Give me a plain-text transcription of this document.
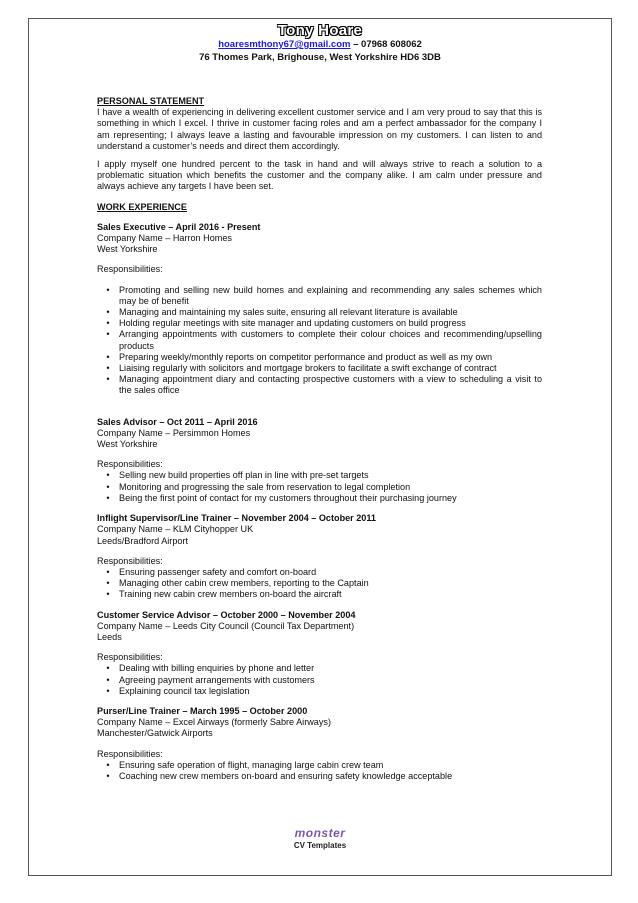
Tony Hoare
hoaresmthony67@gmail.com – 07968 608062
76 Thomes Park, Brighouse, West Yorkshire HD6 3DB

PERSONAL STATEMENT

I have a wealth of experiencing in delivering excellent customer service and I am very proud to say that this is something in which I excel. I thrive in customer facing roles and am a perfect ambassador for the company I am representing; I always leave a lasting and favourable impression on my customers. I can listen to and understand a customer’s needs and direct them accordingly.

I apply myself one hundred percent to the task in hand and will always strive to reach a solution to a problematic situation which benefits the customer and the company alike. I am calm under pressure and always achieve any targets I have been set.

WORK EXPERIENCE

Sales Executive – April 2016 - Present

Company Name – Harron Homes

West Yorkshire

Responsibilities:

• Promoting and selling new build homes and explaining and recommending any sales schemes which may be of benefit
• Managing and maintaining my sales suite, ensuring all relevant literature is available
• Holding regular meetings with site manager and updating customers on build progress
• Arranging appointments with customers to complete their colour choices and recommending/upselling products
• Preparing weekly/monthly reports on competitor performance and product as well as my own
• Liaising regularly with solicitors and mortgage brokers to facilitate a swift exchange of contract
• Managing appointment diary and contacting prospective customers with a view to scheduling a visit to the sales office

Sales Advisor – Oct 2011 – April 2016

Company Name – Persimmon Homes

West Yorkshire

Responsibilities:

• Selling new build properties off plan in line with pre-set targets
• Monitoring and progressing the sale from reservation to legal completion
• Being the first point of contact for my customers throughout their purchasing journey

Inflight Supervisor/Line Trainer – November 2004 – October 2011

Company Name – KLM Cityhopper UK

Leeds/Bradford Airport

Responsibilities:

• Ensuring passenger safety and comfort on-board
• Managing other cabin crew members, reporting to the Captain
• Training new cabin crew members on-board the aircraft

Customer Service Advisor – October 2000 – November 2004

Company Name – Leeds City Council (Council Tax Department)

Leeds

Responsibilities:

• Dealing with billing enquiries by phone and letter
• Agreeing payment arrangements with customers
• Explaining council tax legislation

Purser/Line Trainer – March 1995 – October 2000

Company Name – Excel Airways (formerly Sabre Airways)

Manchester/Gatwick Airports

Responsibilities:

• Ensuring safe operation of flight, managing large cabin crew team
• Coaching new crew members on-board and ensuring safety knowledge acceptable
monster
CV Templates
